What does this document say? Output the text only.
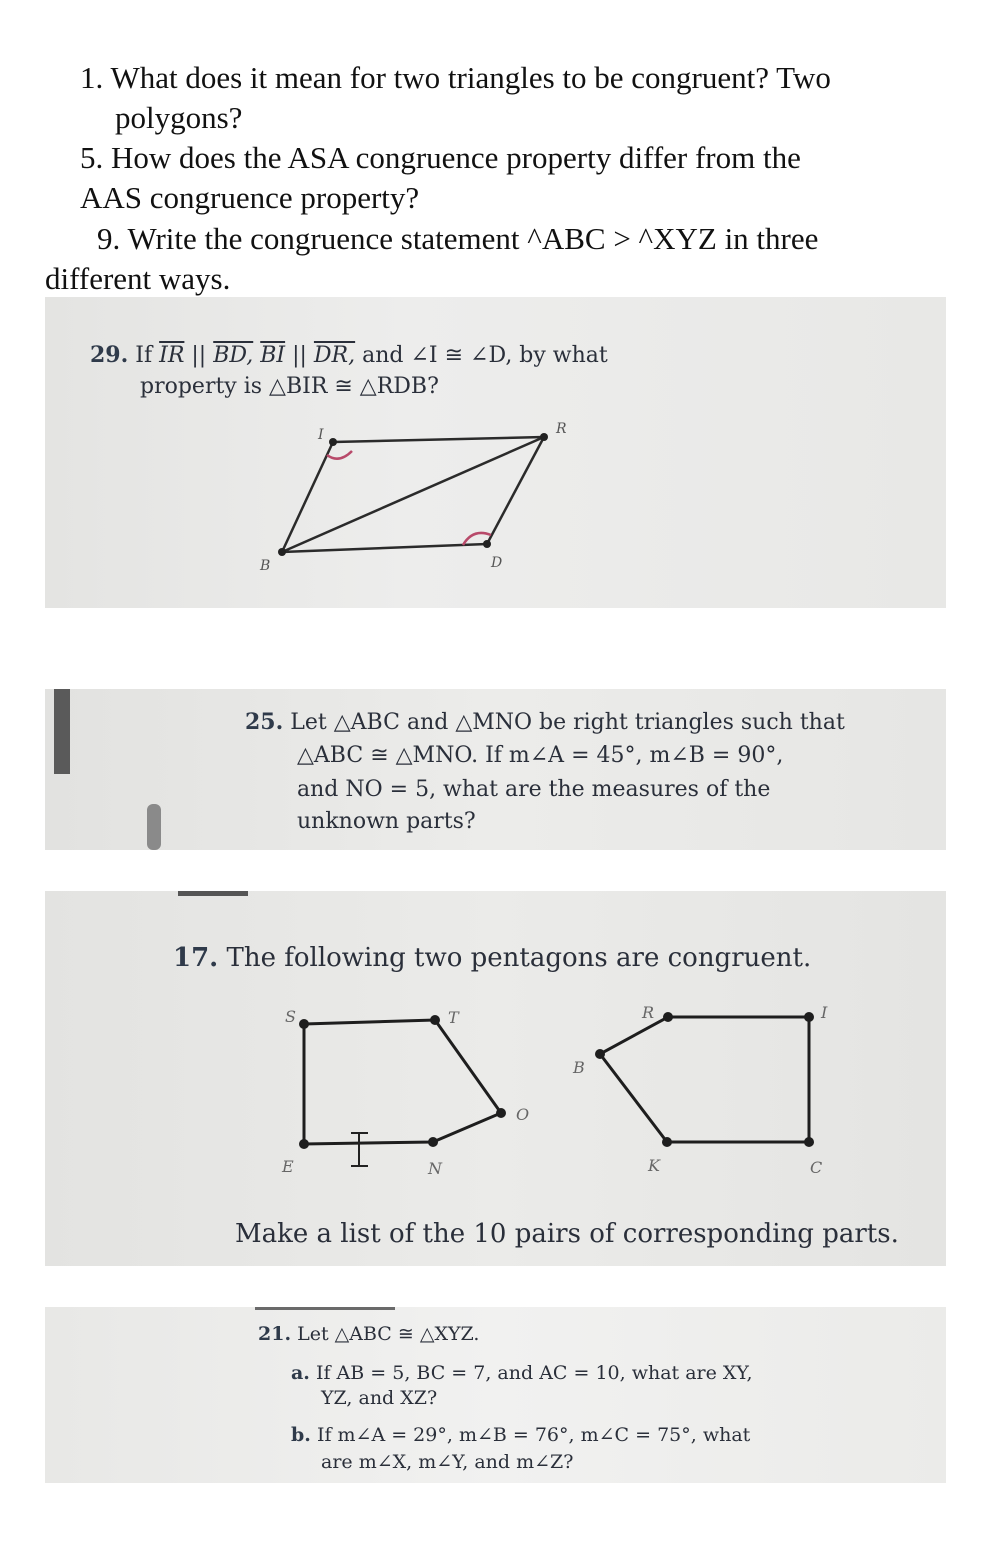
1. What does it mean for two triangles to be congruent? Two
polygons?
5. How does the ASA congruence property differ from the
AAS congruence property?
9. Write the congruence statement ^ABC > ^XYZ in three
different ways.
29. If $\overline{IR}$ || BD, $\overline{BI}$ || DR, and ∠I ≅ ∠D, by what
property is △BIR ≅ △RDB?
I	R
B	D
25. Let △ABC and △MNO be right triangles such that
△ABC ≅ △MNO. If m∠A = 45°, m∠B = 90°,
and NO = 5, what are the measures of the
unknown parts?
17. The following two pentagons are congruent.
S	T
O
N
E
R	I
B
K	C
Make a list of the 10 pairs of corresponding parts.
21. Let △ABC ≅ △XYZ.
a. If AB = 5, BC = 7, and AC = 10, what are XY,
YZ, and XZ?
b. If m∠A = 29°, m∠B = 76°, m∠C = 75°, what
are m∠X, m∠Y, and m∠Z?
